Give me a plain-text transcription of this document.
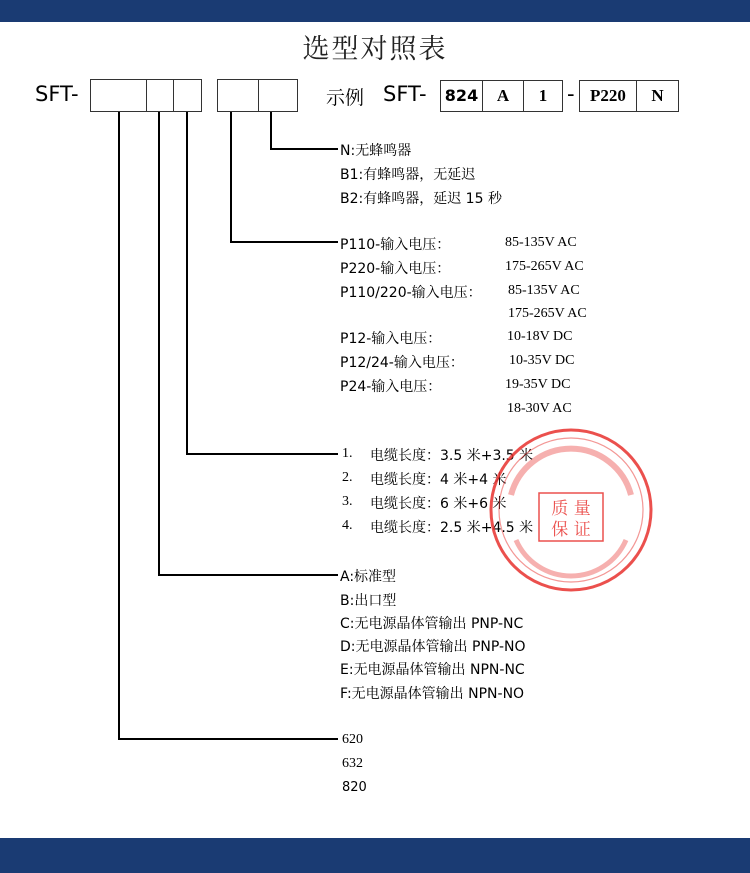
选型对照表
SFT-	示例 SFT- 824	A	1 - P220	N
N:无蜂鸣器
B1:有蜂鸣器，无延迟
B2:有蜂鸣器，延迟 15 秒
P110-输入电压：	85-135V AC
P220-输入电压：	175-265V AC
P110/220-输入电压： 85-135V AC
175-265V AC
P12-输入电压：	10-18V DC
P12/24-输入电压：	10-35V DC
P24-输入电压：	19-35V DC
18-30V AC
1. 电缆长度：3.5 米+3.5 米
2. 电缆长度：4 米+4 米
3. 电缆长度：6 米+6 米
4. 电缆长度：2.5 米+4.5 米
A:标准型
B:出口型
C:无电源晶体管输出 PNP-NC
D:无电源晶体管输出 PNP-NO
E:无电源晶体管输出 NPN-NC
F:无电源晶体管输出 NPN-NO
620
632
820
质 量
保 证
